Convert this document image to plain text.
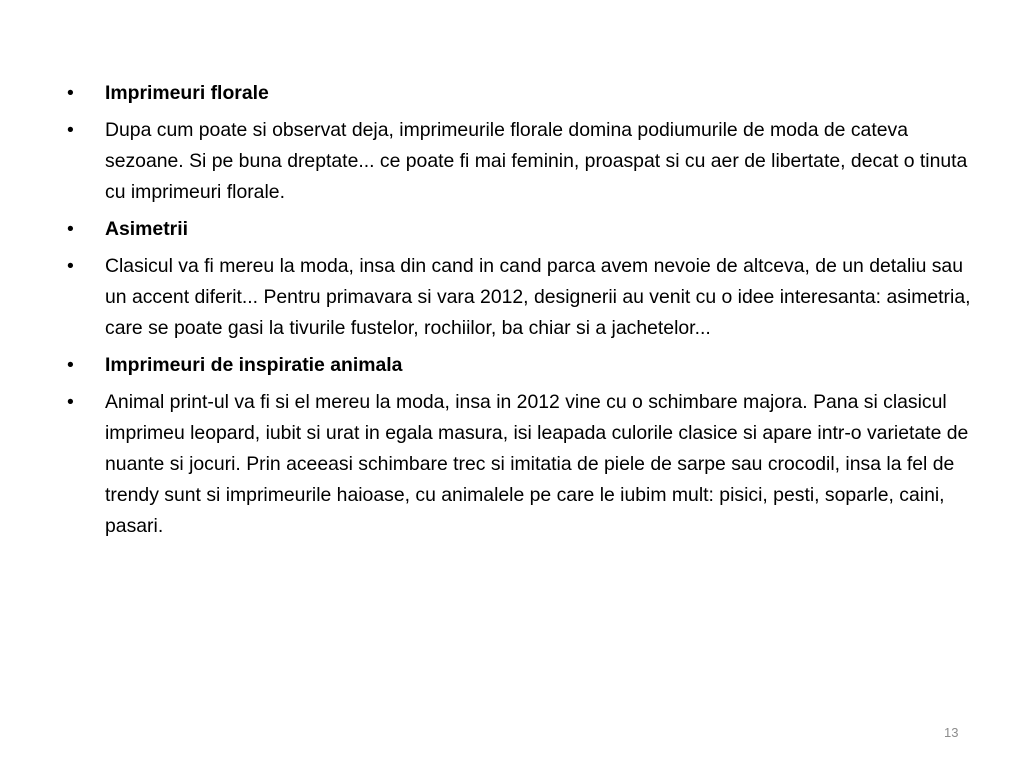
• Imprimeuri florale
• Dupa cum poate si observat deja, imprimeurile florale domina podiumurile de moda de cateva sezoane. Si pe buna dreptate... ce poate fi mai feminin, proaspat si cu aer de libertate, decat o tinuta cu imprimeuri florale.
• Asimetrii
• Clasicul va fi mereu la moda, insa din cand in cand parca avem nevoie de altceva, de un detaliu sau un accent diferit... Pentru primavara si vara 2012, designerii au venit cu o idee interesanta: asimetria, care se poate gasi la tivurile fustelor, rochiilor, ba chiar si a jachetelor...
• Imprimeuri de inspiratie animala
• Animal print-ul va fi si el mereu la moda, insa in 2012 vine cu o schimbare majora. Pana si clasicul imprimeu leopard, iubit si urat in egala masura, isi leapada culorile clasice si apare intr-o varietate de nuante si jocuri. Prin aceeasi schimbare trec si imitatia de piele de sarpe sau crocodil, insa la fel de trendy sunt si imprimeurile haioase, cu animalele pe care le iubim mult: pisici, pesti, soparle, caini, pasari.
13
